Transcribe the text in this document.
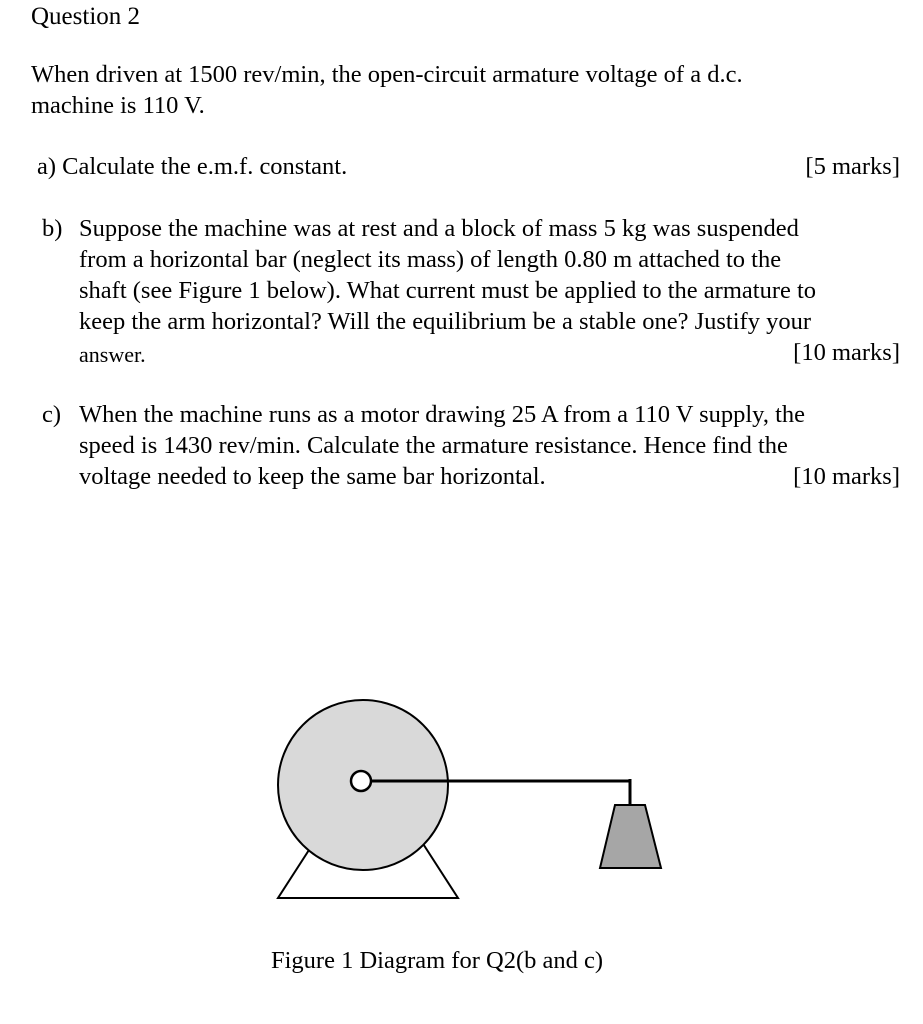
Question 2
When driven at 1500 rev/min, the open-circuit armature voltage of a d.c.
machine is 110 V.
a) Calculate the e.m.f. constant.	[5 marks]
b) Suppose the machine was at rest and a block of mass 5 kg was suspended
from a horizontal bar (neglect its mass) of length 0.80 m attached to the
shaft (see Figure 1 below). What current must be applied to the armature to
keep the arm horizontal? Will the equilibrium be a stable one? Justify your
answer.	[10 marks]
c) When the machine runs as a motor drawing 25 A from a 110 V supply, the
speed is 1430 rev/min. Calculate the armature resistance. Hence find the
voltage needed to keep the same bar horizontal.	[10 marks]
Figure 1 Diagram for Q2(b and c)
